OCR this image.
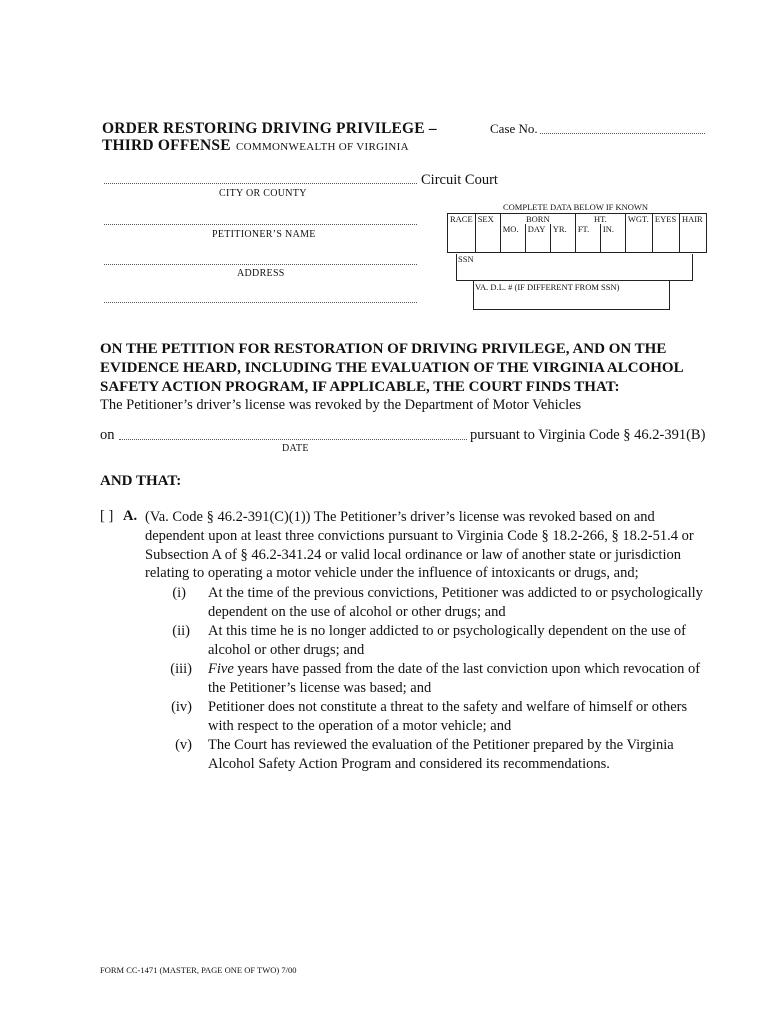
ORDER RESTORING DRIVING PRIVILEGE –
THIRD OFFENSE COMMONWEALTH OF VIRGINIA
Case No.
Circuit Court
CITY OR COUNTY
PETITIONER’S NAME
ADDRESS
COMPLETE DATA BELOW IF KNOWN
RACE	SEX	BORN			HT.		WGT.	EYES	HAIR
		MO.	DAY	YR.	FT.	IN.			
SSN
VA. D.L. # (IF DIFFERENT FROM SSN)
ON THE PETITION FOR RESTORATION OF DRIVING PRIVILEGE, AND ON THE
EVIDENCE HEARD, INCLUDING THE EVALUATION OF THE VIRGINIA ALCOHOL
SAFETY ACTION PROGRAM, IF APPLICABLE, THE COURT FINDS THAT:
The Petitioner’s driver’s license was revoked by the Department of Motor Vehicles
on	pursuant to Virginia Code § 46.2-391(B)
DATE
AND THAT:
[ ] A. (Va. Code § 46.2-391(C)(1)) The Petitioner’s driver’s license was revoked based on and
dependent upon at least three convictions pursuant to Virginia Code § 18.2-266, § 18.2-51.4 or
Subsection A of § 46.2-341.24 or valid local ordinance or law of another state or jurisdiction
relating to operating a motor vehicle under the influence of intoxicants or drugs, and;
(i) At the time of the previous convictions, Petitioner was addicted to or psychologically dependent on the use of alcohol or other drugs; and
(ii) At this time he is no longer addicted to or psychologically dependent on the use of alcohol or other drugs; and
(iii) Five years have passed from the date of the last conviction upon which revocation of the Petitioner’s license was based; and
(iv) Petitioner does not constitute a threat to the safety and welfare of himself or others with respect to the operation of a motor vehicle; and
(v) The Court has reviewed the evaluation of the Petitioner prepared by the Virginia Alcohol Safety Action Program and considered its recommendations.
FORM CC-1471 (MASTER, PAGE ONE OF TWO) 7/00
